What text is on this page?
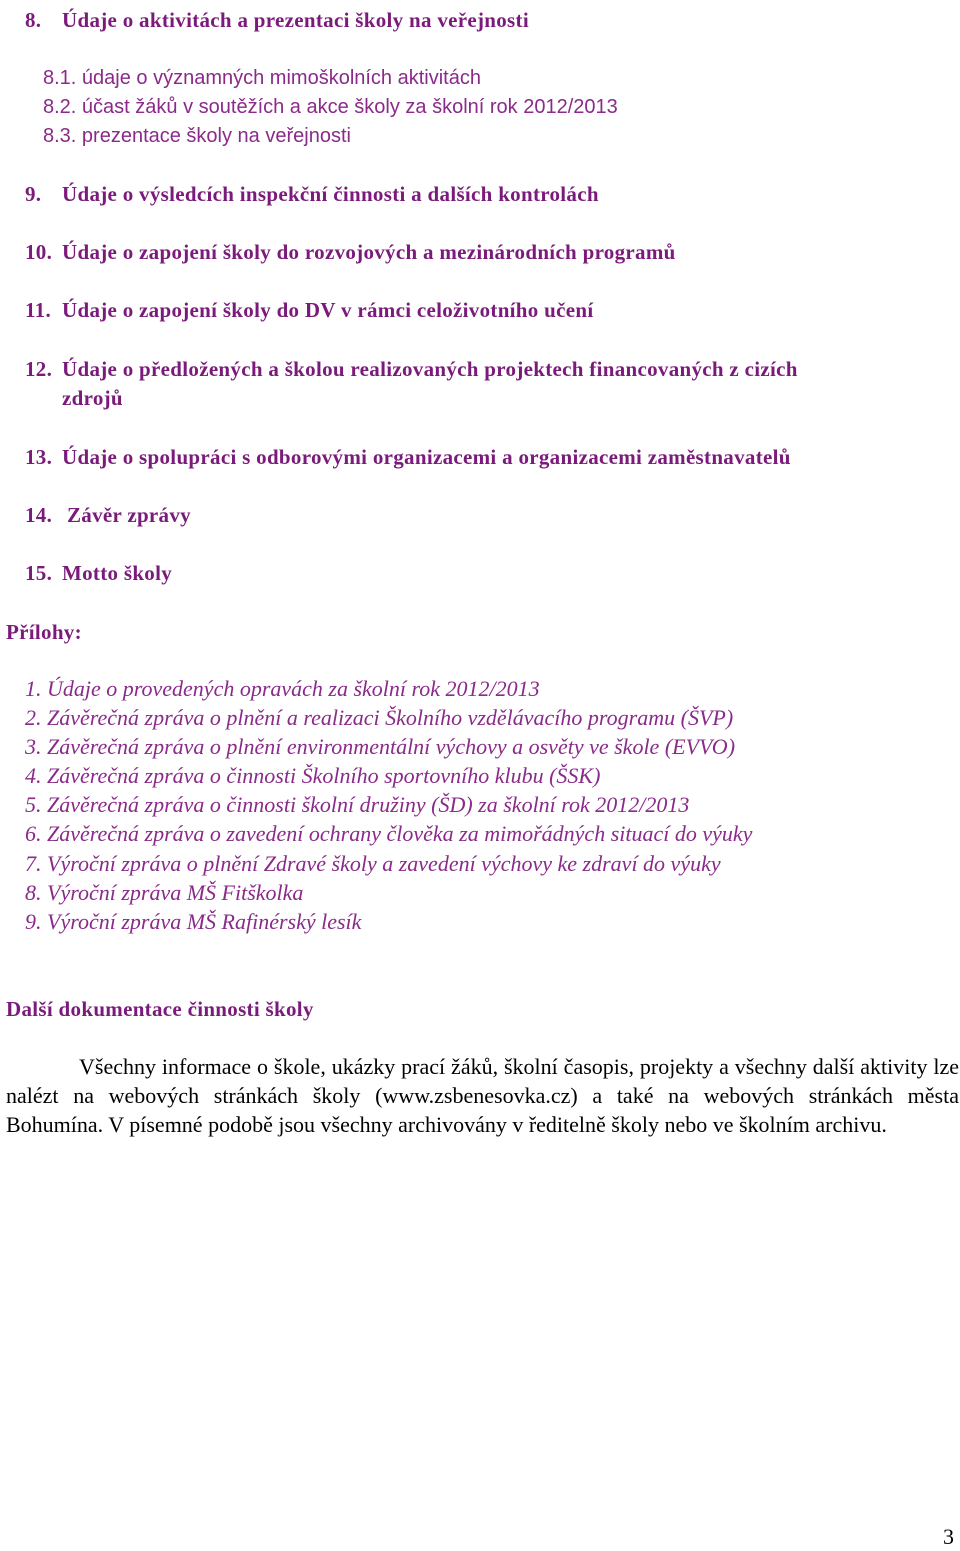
8. Údaje o aktivitách a prezentaci školy na veřejnosti
8.1. údaje o významných mimoškolních aktivitách
8.2. účast žáků v soutěžích a akce školy za školní rok 2012/2013
8.3. prezentace školy na veřejnosti
9. Údaje o výsledcích inspekční činnosti a dalších kontrolách
10. Údaje o zapojení školy do rozvojových a mezinárodních programů
11. Údaje o zapojení školy do DV v rámci celoživotního učení
12. Údaje o předložených a školou realizovaných projektech financovaných z cizích
zdrojů
13. Údaje o spolupráci s odborovými organizacemi a organizacemi zaměstnavatelů
14. Závěr zprávy
15. Motto školy
Přílohy:
1. Údaje o provedených opravách za školní rok 2012/2013
2. Závěrečná zpráva o plnění a realizaci Školního vzdělávacího programu (ŠVP)
3. Závěrečná zpráva o plnění environmentální výchovy a osvěty ve škole (EVVO)
4. Závěrečná zpráva o činnosti Školního sportovního klubu (ŠSK)
5. Závěrečná zpráva o činnosti školní družiny (ŠD) za školní rok 2012/2013
6. Závěrečná zpráva o zavedení ochrany člověka za mimořádných situací do výuky
7. Výroční zpráva o plnění Zdravé školy a zavedení výchovy ke zdraví do výuky
8. Výroční zpráva MŠ Fitškolka
9. Výroční zpráva MŠ Rafinérský lesík
Další dokumentace činnosti školy
Všechny informace o škole, ukázky prací žáků, školní časopis, projekty a všechny další aktivity lze nalézt na webových stránkách školy (www.zsbenesovka.cz) a také na webových stránkách města Bohumína. V písemné podobě jsou všechny archivovány v ředitelně školy nebo ve školním archivu.
3
